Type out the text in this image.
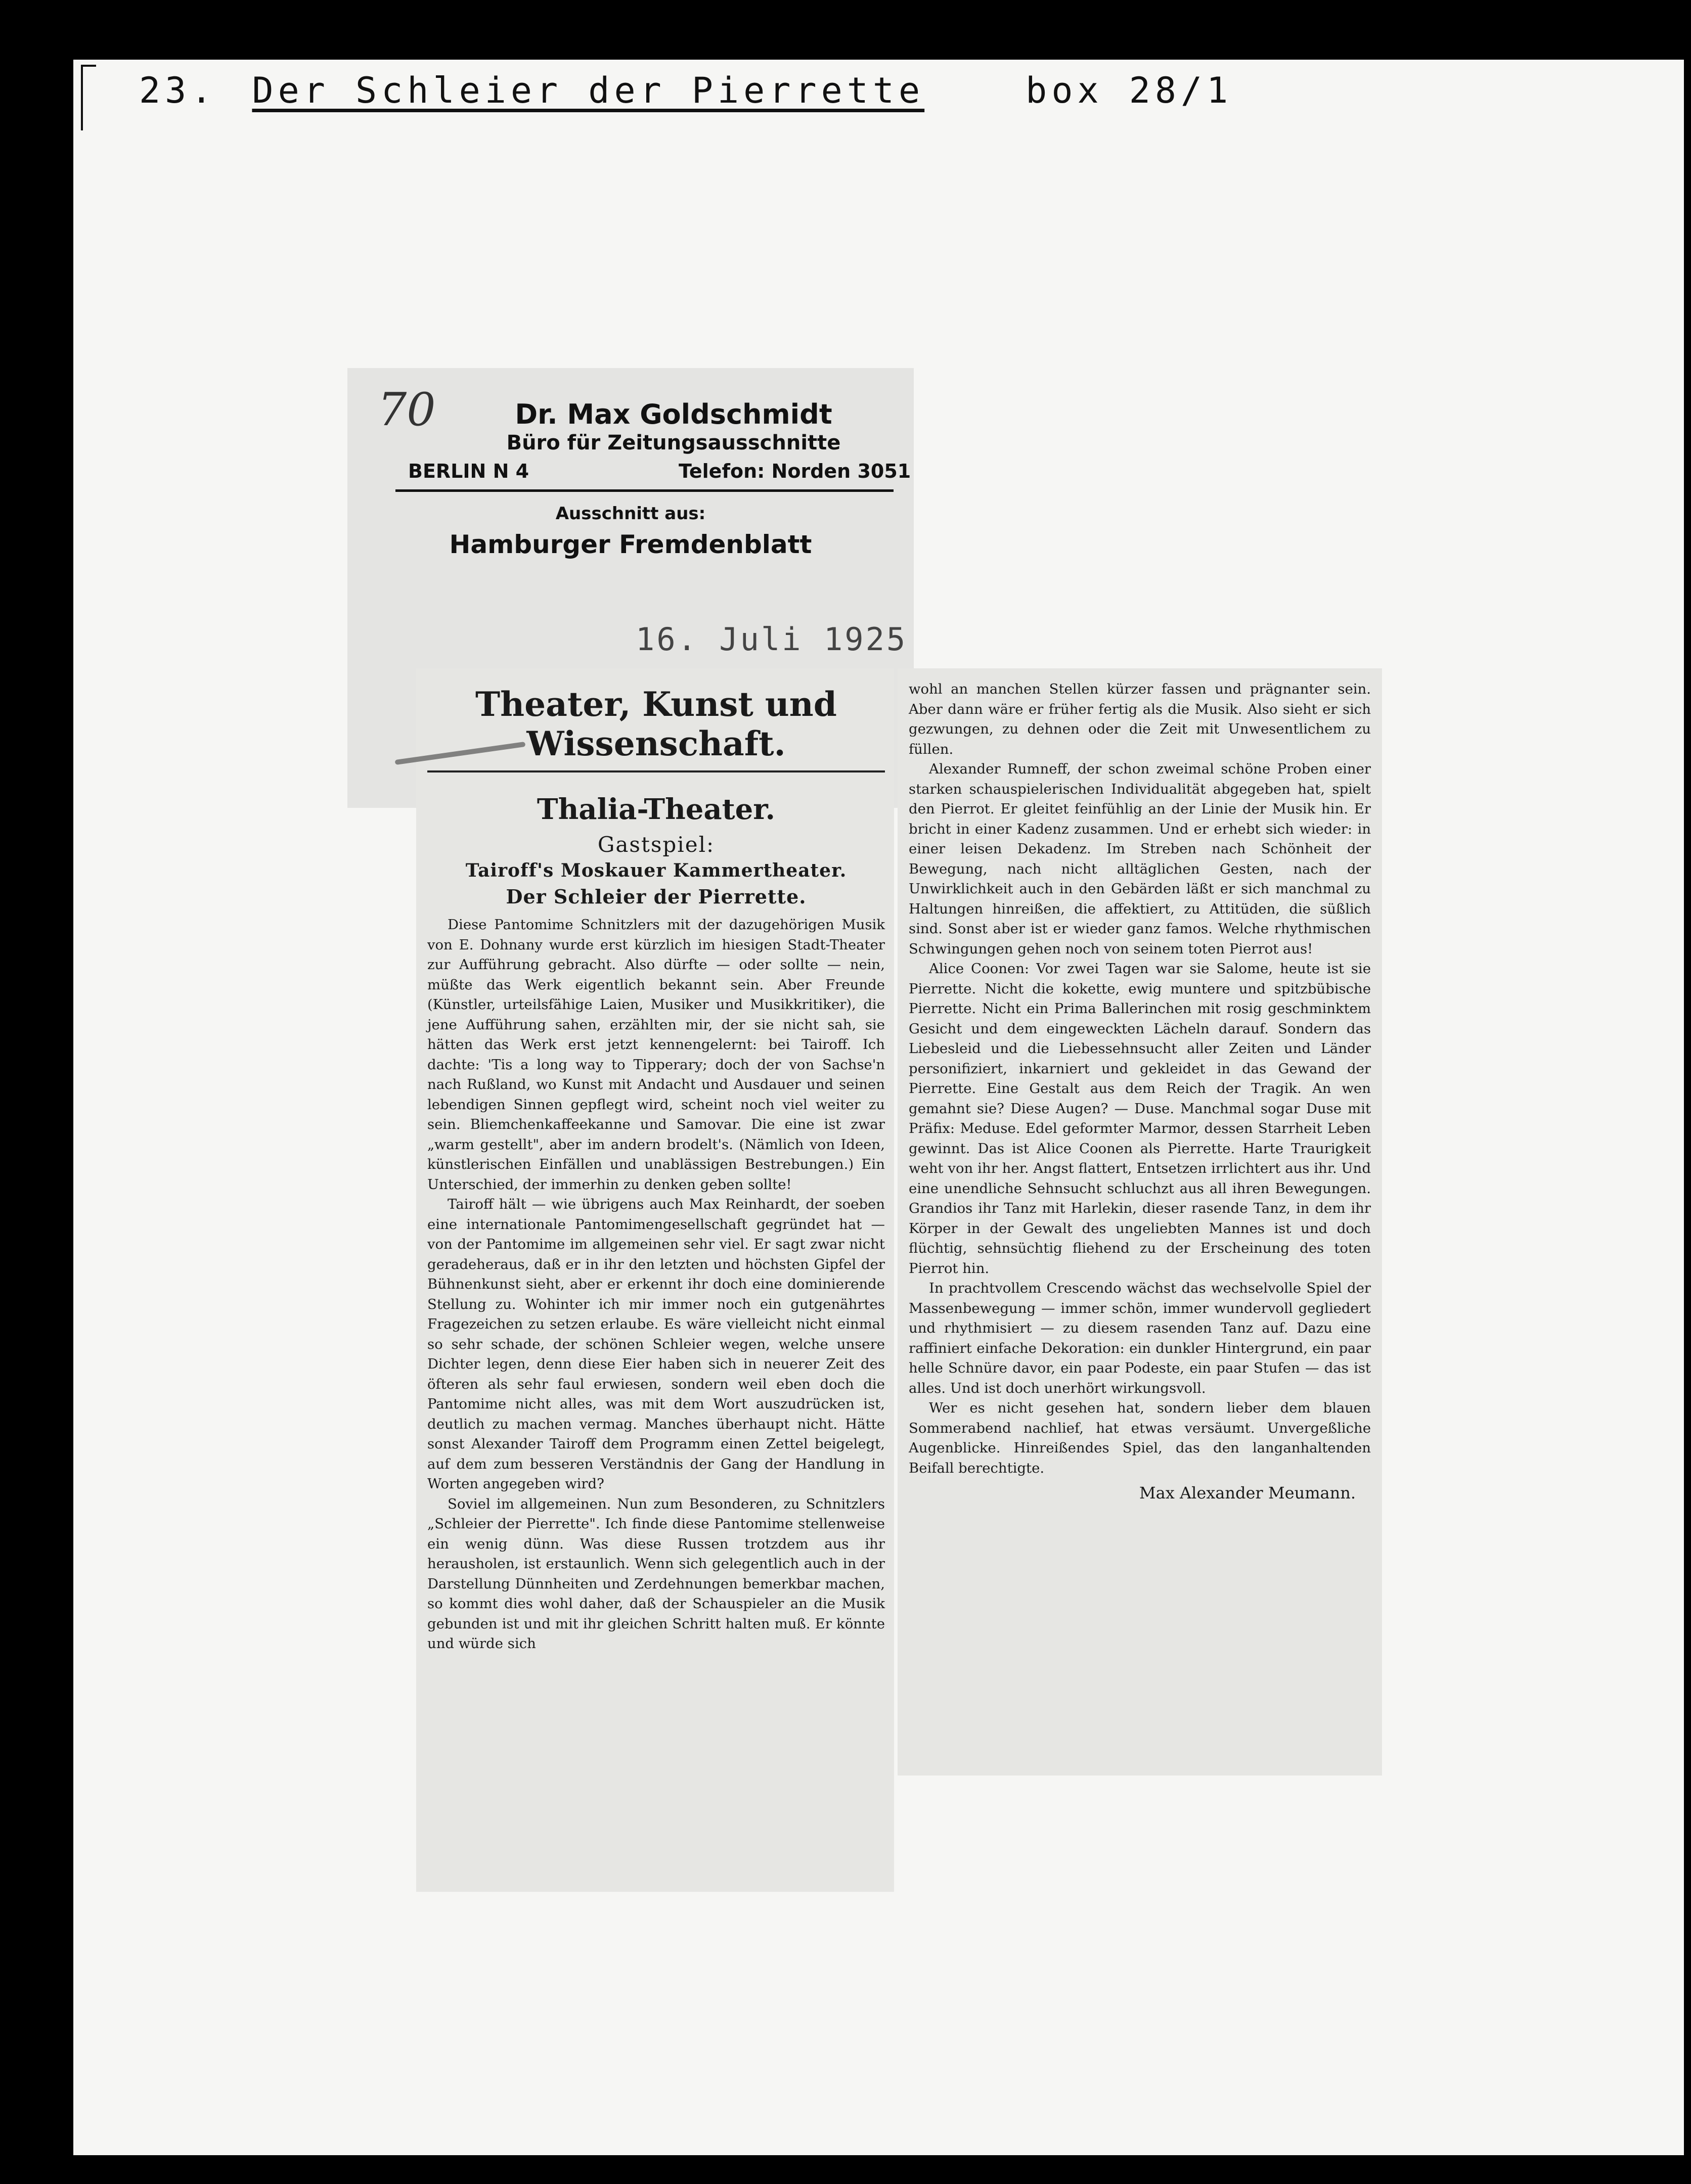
23. Der Schleier der Pierrette	box 28/1
70	Dr. Max Goldschmidt
Büro für Zeitungsausschnitte
BERLIN N 4	Telefon: Norden 3051
Ausschnitt aus:
Hamburger Fremdenblatt
16. Juli 1925
Theater, Kunst und Wissenschaft.
Thalia-Theater.
Gastspiel:
Tairoff's Moskauer Kammertheater.
Der Schleier der Pierrette.

Diese Pantomime Schnitzlers mit der dazugehörigen Musik von E. Dohnany wurde erst kürzlich im hiesigen Stadt-Theater zur Aufführung gebracht. Also dürfte — oder sollte — nein, müßte das Werk eigentlich bekannt sein. Aber Freunde (Künstler, urteilsfähige Laien, Musiker und Musikkritiker), die jene Aufführung sahen, erzählten mir, der sie nicht sah, sie hätten das Werk erst jetzt kennengelernt: bei Tairoff. Ich dachte: 'Tis a long way to Tipperary; doch der von Sachse'n nach Rußland, wo Kunst mit Andacht und Ausdauer und seinen lebendigen Sinnen gepflegt wird, scheint noch viel weiter zu sein. Bliemchenkaffeekanne und Samovar. Die eine ist zwar „warm gestellt", aber im andern brodelt's. (Nämlich von Ideen, künstlerischen Einfällen und unablässigen Bestrebungen.) Ein Unterschied, der immerhin zu denken geben sollte!

Tairoff hält — wie übrigens auch Max Reinhardt, der soeben eine internationale Pantomimengesellschaft gegründet hat — von der Pantomime im allgemeinen sehr viel. Er sagt zwar nicht geradeheraus, daß er in ihr den letzten und höchsten Gipfel der Bühnenkunst sieht, aber er erkennt ihr doch eine dominierende Stellung zu. Wohinter ich mir immer noch ein gutgenährtes Fragezeichen zu setzen erlaube. Es wäre vielleicht nicht einmal so sehr schade, der schönen Schleier wegen, welche unsere Dichter legen, denn diese Eier haben sich in neuerer Zeit des öfteren als sehr faul erwiesen, sondern weil eben doch die Pantomime nicht alles, was mit dem Wort auszudrücken ist, deutlich zu machen vermag. Manches überhaupt nicht. Hätte sonst Alexander Tairoff dem Programm einen Zettel beigelegt, auf dem zum besseren Verständnis der Gang der Handlung in Worten angegeben wird?

Soviel im allgemeinen. Nun zum Besonderen, zu Schnitzlers „Schleier der Pierrette". Ich finde diese Pantomime stellenweise ein wenig dünn. Was diese Russen trotzdem aus ihr herausholen, ist erstaunlich. Wenn sich gelegentlich auch in der Darstellung Dünnheiten und Zerdehnungen bemerkbar machen, so kommt dies wohl daher, daß der Schauspieler an die Musik gebunden ist und mit ihr gleichen Schritt halten muß. Er könnte und würde sich

wohl an manchen Stellen kürzer fassen und prägnanter sein. Aber dann wäre er früher fertig als die Musik. Also sieht er sich gezwungen, zu dehnen oder die Zeit mit Unwesentlichem zu füllen.

Alexander Rumneff, der schon zweimal schöne Proben einer starken schauspielerischen Individualität abgegeben hat, spielt den Pierrot. Er gleitet feinfühlig an der Linie der Musik hin. Er bricht in einer Kadenz zusammen. Und er erhebt sich wieder: in einer leisen Dekadenz. Im Streben nach Schönheit der Bewegung, nach nicht alltäglichen Gesten, nach der Unwirklichkeit auch in den Gebärden läßt er sich manchmal zu Haltungen hinreißen, die affektiert, zu Attitüden, die süßlich sind. Sonst aber ist er wieder ganz famos. Welche rhythmischen Schwingungen gehen noch von seinem toten Pierrot aus!

Alice Coonen: Vor zwei Tagen war sie Salome, heute ist sie Pierrette. Nicht die kokette, ewig muntere und spitzbübische Pierrette. Nicht ein Prima Ballerinchen mit rosig geschminktem Gesicht und dem eingeweckten Lächeln darauf. Sondern das Liebesleid und die Liebessehnsucht aller Zeiten und Länder personifiziert, inkarniert und gekleidet in das Gewand der Pierrette. Eine Gestalt aus dem Reich der Tragik. An wen gemahnt sie? Diese Augen? — Duse. Manchmal sogar Duse mit Präfix: Meduse. Edel geformter Marmor, dessen Starrheit Leben gewinnt. Das ist Alice Coonen als Pierrette. Harte Traurigkeit weht von ihr her. Angst flattert, Entsetzen irrlichtert aus ihr. Und eine unendliche Sehnsucht schluchzt aus all ihren Bewegungen. Grandios ihr Tanz mit Harlekin, dieser rasende Tanz, in dem ihr Körper in der Gewalt des ungeliebten Mannes ist und doch flüchtig, sehnsüchtig fliehend zu der Erscheinung des toten Pierrot hin.

In prachtvollem Crescendo wächst das wechselvolle Spiel der Massenbewegung — immer schön, immer wundervoll gegliedert und rhythmisiert — zu diesem rasenden Tanz auf. Dazu eine raffiniert einfache Dekoration: ein dunkler Hintergrund, ein paar helle Schnüre davor, ein paar Podeste, ein paar Stufen — das ist alles. Und ist doch unerhört wirkungsvoll.

Wer es nicht gesehen hat, sondern lieber dem blauen Sommerabend nachlief, hat etwas versäumt. Unvergeßliche Augenblicke. Hinreißendes Spiel, das den langanhaltenden Beifall berechtigte.

Max Alexander Meumann.
